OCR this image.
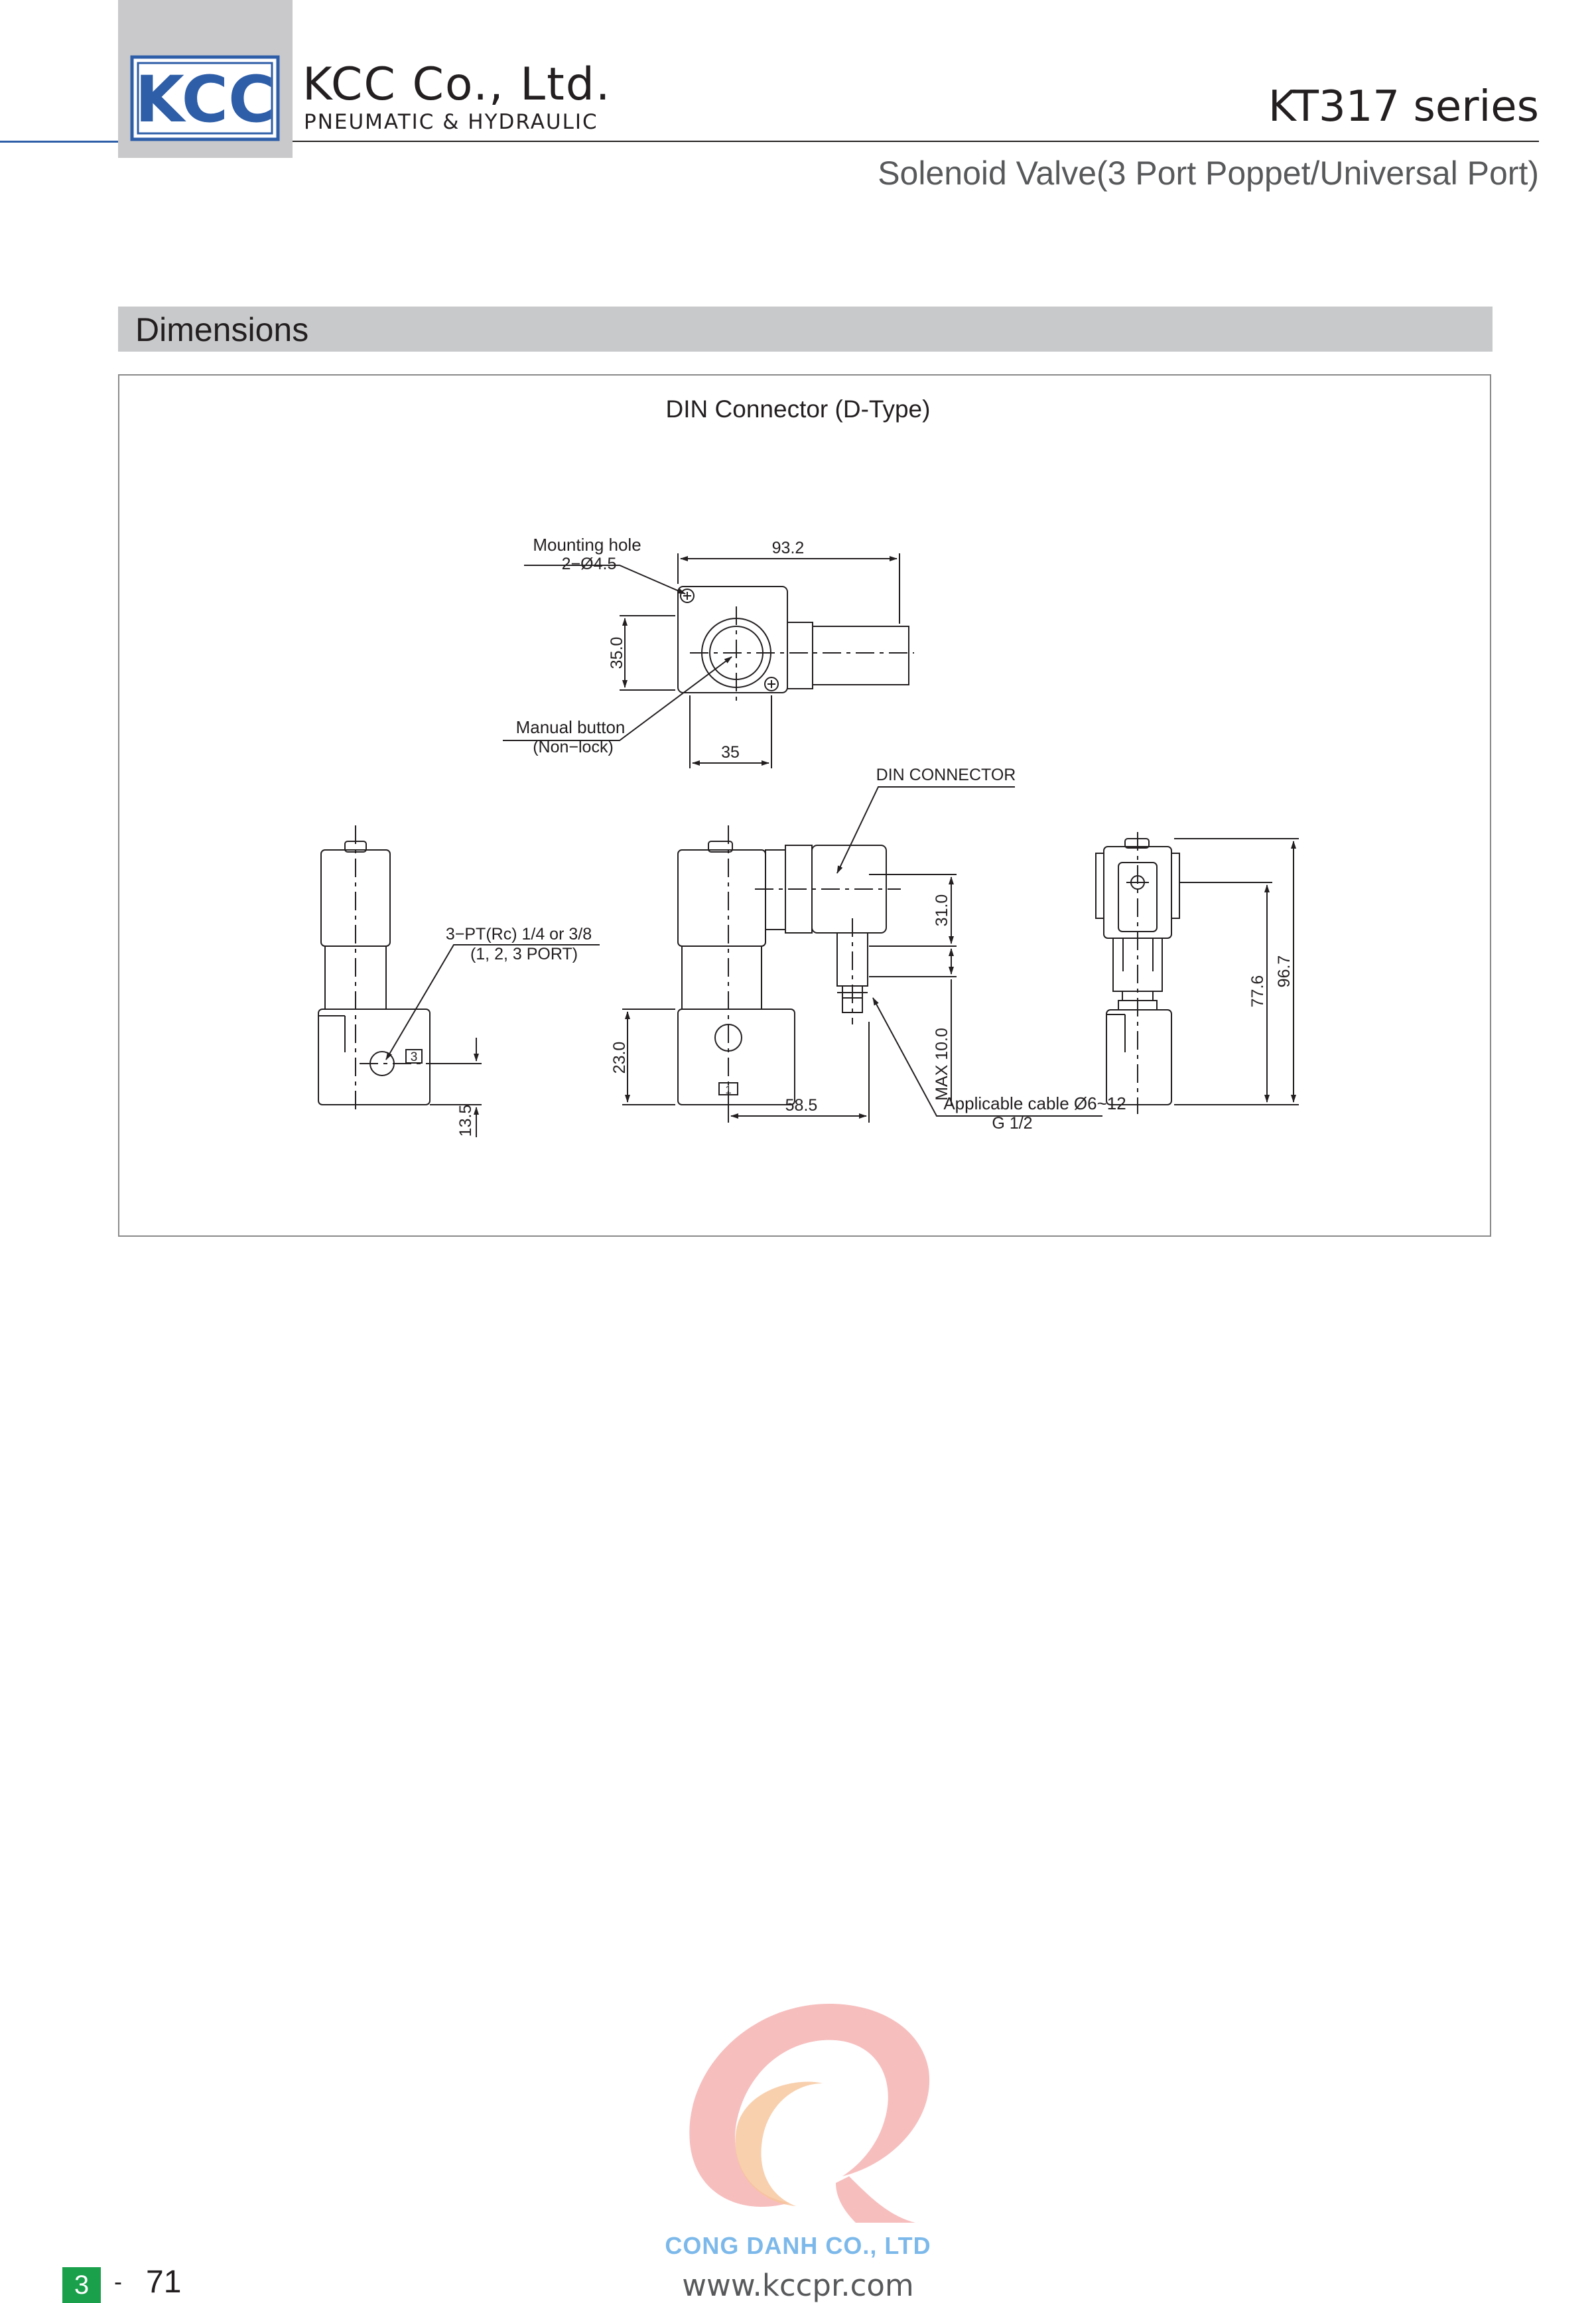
KCC KCC Co., Ltd.
PNEUMATIC & HYDRAULIC	KT317 series
Solenoid Valve(3 Port Poppet/Universal Port)
Dimensions
DIN Connector (D-Type)
Mounting hole
2−Ø4.5
93.2
35.0
Manual button
(Non−lock)	35
DIN CONNECTOR
3−PT(Rc) 1/4 or 3/8
(1, 2, 3 PORT)
3
1
13.5
23.0
31.0
MAX 10.0
58.5	Applicable cable Ø6~12
G 1/2
77.6
96.7
CONG DANH CO., LTD
3	- 71	www.kccpr.com
